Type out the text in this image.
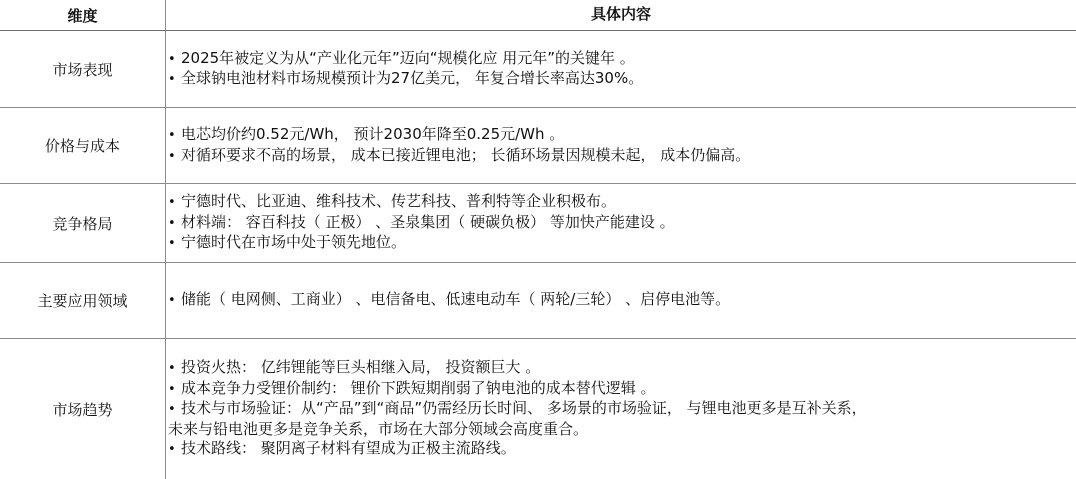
维度	具体内容
市场表现
• 2025年被定义为从“产业化元年”迈向“规模化应 用元年”的关键年 。
• 全球钠电池材料市场规模预计为27亿美元， 年复合增长率高达30%。
价格与成本
• 电芯均价约0.52元/Wh， 预计2030年降至0.25元/Wh 。
• 对循环要求不高的场景， 成本已接近锂电池； 长循环场景因规模未起， 成本仍偏高。
竞争格局
• 宁德时代、比亚迪、维科技术、传艺科技、普利特等企业积极布。
• 材料端： 容百科技（ 正极） 、圣泉集团（ 硬碳负极） 等加快产能建设 。
• 宁德时代在市场中处于领先地位。
主要应用领域	• 储能（ 电网侧、工商业） 、电信备电、低速电动车（ 两轮/三轮） 、启停电池等。
市场趋势
• 投资火热： 亿纬锂能等巨头相继入局， 投资额巨大 。
• 成本竞争力受锂价制约： 锂价下跌短期削弱了钠电池的成本替代逻辑 。
• 技术与市场验证：从“产品”到“商品”仍需经历长时间、 多场景的市场验证， 与锂电池更多是互补关系，
未来与铅电池更多是竞争关系，市场在大部分领域会高度重合。
• 技术路线： 聚阴离子材料有望成为正极主流路线。
